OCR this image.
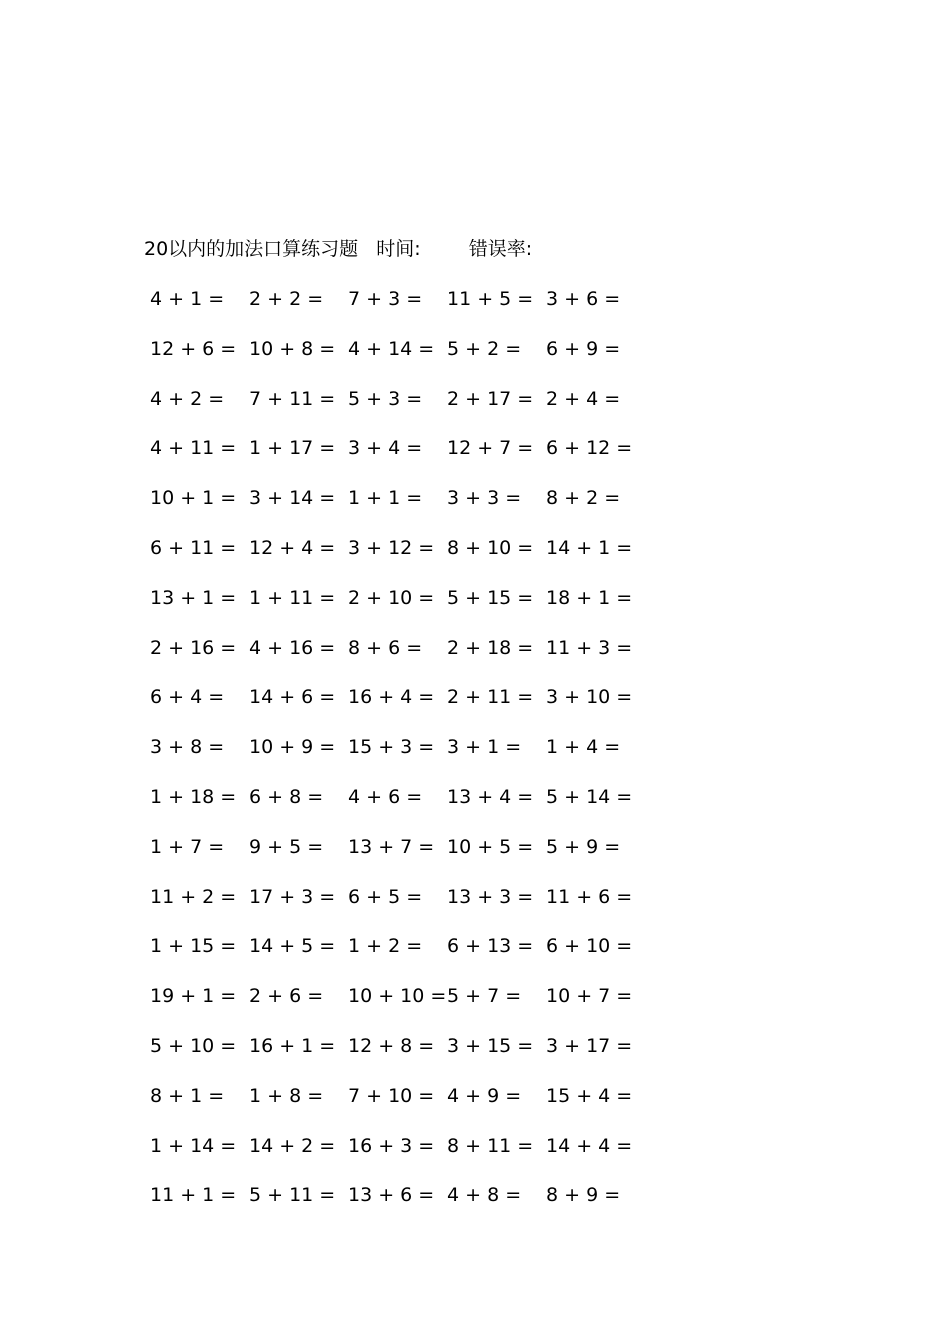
20以内的加法口算练习题 时间:	错误率:
4 + 1 = 2 + 2 = 7 + 3 = 11 + 5 = 3 + 6 =
12 + 6 = 10 + 8 = 4 + 14 = 5 + 2 = 6 + 9 =
4 + 2 = 7 + 11 = 5 + 3 = 2 + 17 = 2 + 4 =
4 + 11 = 1 + 17 = 3 + 4 = 12 + 7 = 6 + 12 =
10 + 1 = 3 + 14 = 1 + 1 = 3 + 3 = 8 + 2 =
6 + 11 = 12 + 4 = 3 + 12 = 8 + 10 = 14 + 1 =
13 + 1 = 1 + 11 = 2 + 10 = 5 + 15 = 18 + 1 =
2 + 16 = 4 + 16 = 8 + 6 = 2 + 18 = 11 + 3 =
6 + 4 = 14 + 6 = 16 + 4 = 2 + 11 = 3 + 10 =
3 + 8 = 10 + 9 = 15 + 3 = 3 + 1 = 1 + 4 =
1 + 18 = 6 + 8 = 4 + 6 = 13 + 4 = 5 + 14 =
1 + 7 = 9 + 5 = 13 + 7 = 10 + 5 = 5 + 9 =
11 + 2 = 17 + 3 = 6 + 5 = 13 + 3 = 11 + 6 =
1 + 15 = 14 + 5 = 1 + 2 = 6 + 13 = 6 + 10 =
19 + 1 = 2 + 6 = 10 + 10 = 5 + 7 = 10 + 7 =
5 + 10 = 16 + 1 = 12 + 8 = 3 + 15 = 3 + 17 =
8 + 1 = 1 + 8 = 7 + 10 = 4 + 9 = 15 + 4 =
1 + 14 = 14 + 2 = 16 + 3 = 8 + 11 = 14 + 4 =
11 + 1 = 5 + 11 = 13 + 6 = 4 + 8 = 8 + 9 =
